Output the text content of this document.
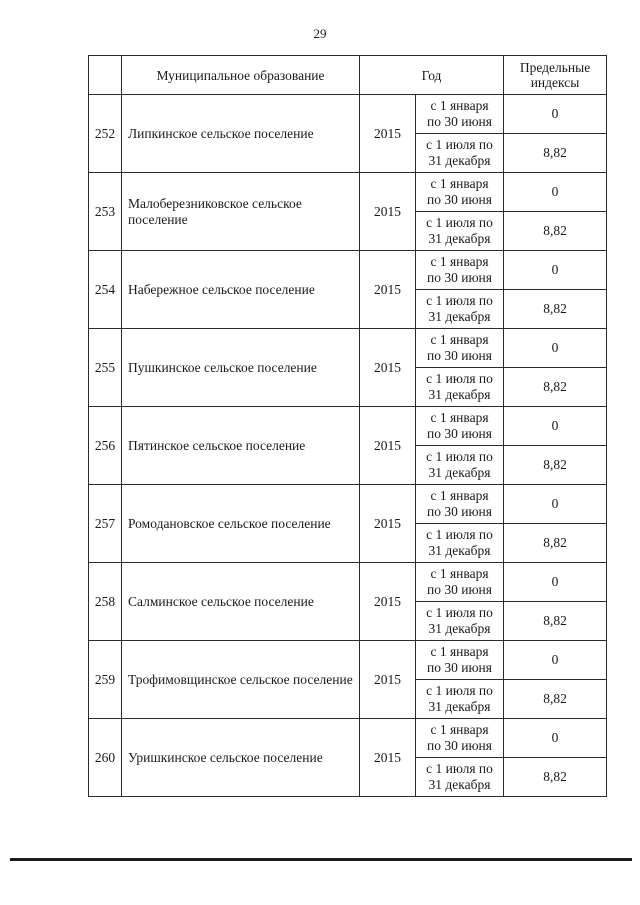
29
	Муниципальное образование	Год		Предельные индексы
252	Липкинское сельское поселение	2015	с 1 января
по 30 июня	0

			с 1 июля по
31 декабря	8,82
253	Малоберезниковское сельское поселение	2015	с 1 января
по 30 июня	0

			с 1 июля по
31 декабря	8,82
254	Набережное сельское поселение	2015	с 1 января
по 30 июня	0

			с 1 июля по
31 декабря	8,82
255	Пушкинское сельское поселение	2015	с 1 января
по 30 июня	0

			с 1 июля по
31 декабря	8,82
256	Пятинское сельское поселение	2015	с 1 января
по 30 июня	0

			с 1 июля по
31 декабря	8,82
257	Ромодановское сельское поселение	2015	с 1 января
по 30 июня	0

			с 1 июля по
31 декабря	8,82
258	Салминское сельское поселение	2015	с 1 января
по 30 июня	0

			с 1 июля по
31 декабря	8,82
259	Трофимовщинское сельское поселение	2015	с 1 января
по 30 июня	0

			с 1 июля по
31 декабря	8,82
260	Уришкинское сельское поселение	2015	с 1 января
по 30 июня	0

			с 1 июля по
31 декабря	8,82
